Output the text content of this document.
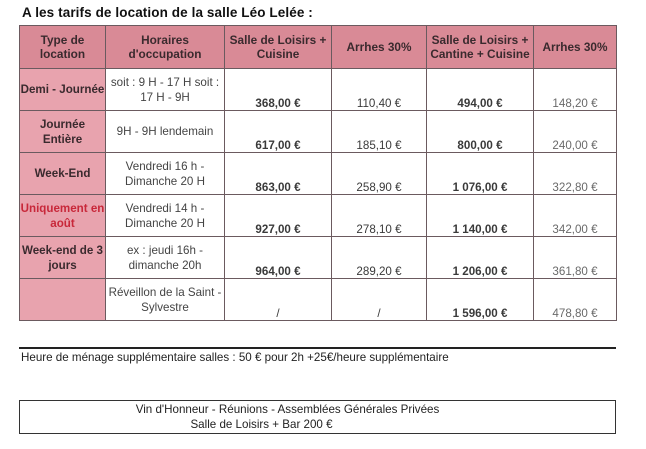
A les tarifs de location de la salle Léo Lelée :
Type de location	Horaires d'occupation	Salle de Loisirs + Cuisine	Arrhes 30%	Salle de Loisirs + Cantine + Cuisine	Arrhes 30%
Demi - Journée	soit : 9 H - 17 H soit : 17 H - 9H	368,00 €	110,40 €	494,00 €	148,20 €
Journée Entière	9H - 9H lendemain	617,00 €	185,10 €	800,00 €	240,00 €
Week-End	Vendredi 16 h - Dimanche 20 H	863,00 €	258,90 €	1 076,00 €	322,80 €
Uniquement en août	Vendredi 14 h - Dimanche 20 H	927,00 €	278,10 €	1 140,00 €	342,00 €
Week-end de 3 jours	ex : jeudi 16h - dimanche 20h	964,00 €	289,20 €	1 206,00 €	361,80 €
	Réveillon de la Saint - Sylvestre	/	/	1 596,00 €	478,80 €
Heure de ménage supplémentaire salles : 50 € pour 2h +25€/heure supplémentaire
Vin d'Honneur - Réunions - Assemblées Générales Privées
Salle de Loisirs + Bar 200 €
